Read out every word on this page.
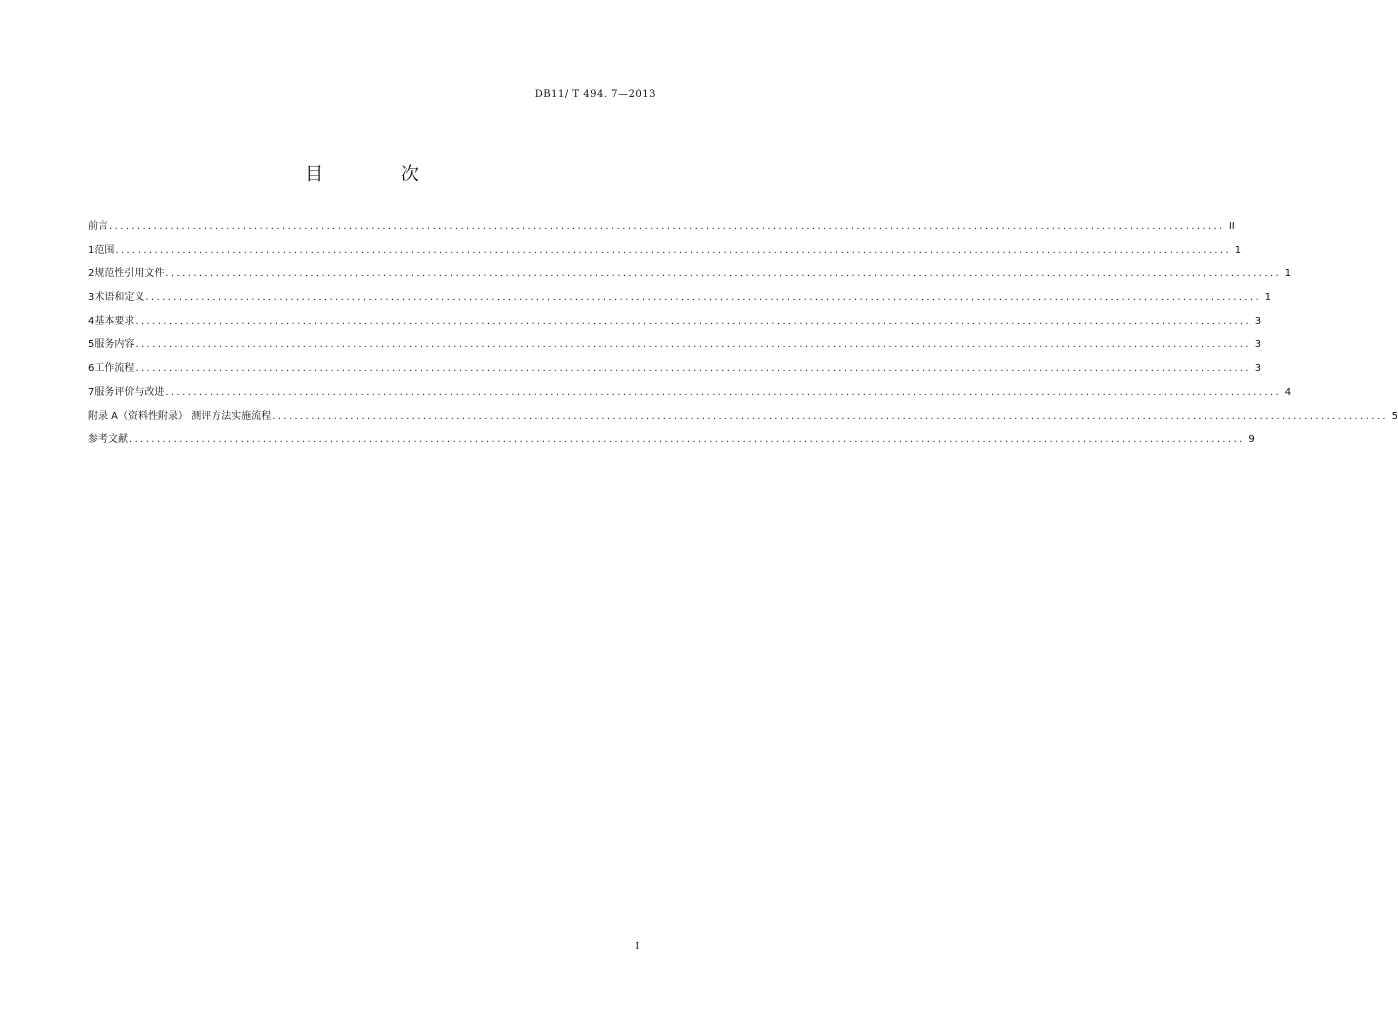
DB11/ T 494. 7—2013
目 次
前言 ........................................................................................................................................................................................................ II
1 范围 ........................................................................................................................................................................................................ 1
2 规范性引用文件 ........................................................................................................................................................................................................ 1
3 术语和定义 ........................................................................................................................................................................................................ 1
4 基本要求 ........................................................................................................................................................................................................ 3
5 服务内容 ........................................................................................................................................................................................................ 3
6 工作流程 ........................................................................................................................................................................................................ 3
7 服务评价与改进 ........................................................................................................................................................................................................ 4
附录 A（资料性附录） 测评方法实施流程 ........................................................................................................................................................................................................ 5
参考文献 ........................................................................................................................................................................................................ 9
I
